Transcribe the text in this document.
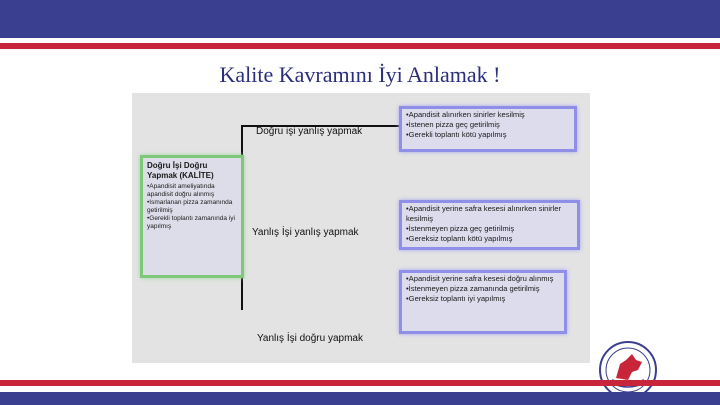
Kalite Kavramını İyi Anlamak !
Doğru İşi Doğru Yapmak (KALİTE)
•Apandisit ameliyatında apandisit doğru alınmış
•Ismarlanan pizza zamanında getirilmiş
•Gerekli toplantı zamanında iyi yapılmış
Doğru işi yanlış yapmak
Yanlış İşi yanlış yapmak
Yanlış İşi doğru yapmak
•Apandisit alınırken sinirler kesilmiş
•İstenen pizza geç getirilmiş
•Gerekli toplantı kötü yapılmış
•Apandisit yerine safra kesesi alınırken sinirler kesilmiş
•İstenmeyen pizza geç getirilmiş
•Gereksiz toplantı kötü yapılmış
•Apandisit yerine safra kesesi doğru alınmış
•İstenmeyen pizza zamanında getirilmiş
•Gereksiz toplantı iyi yapılmış
